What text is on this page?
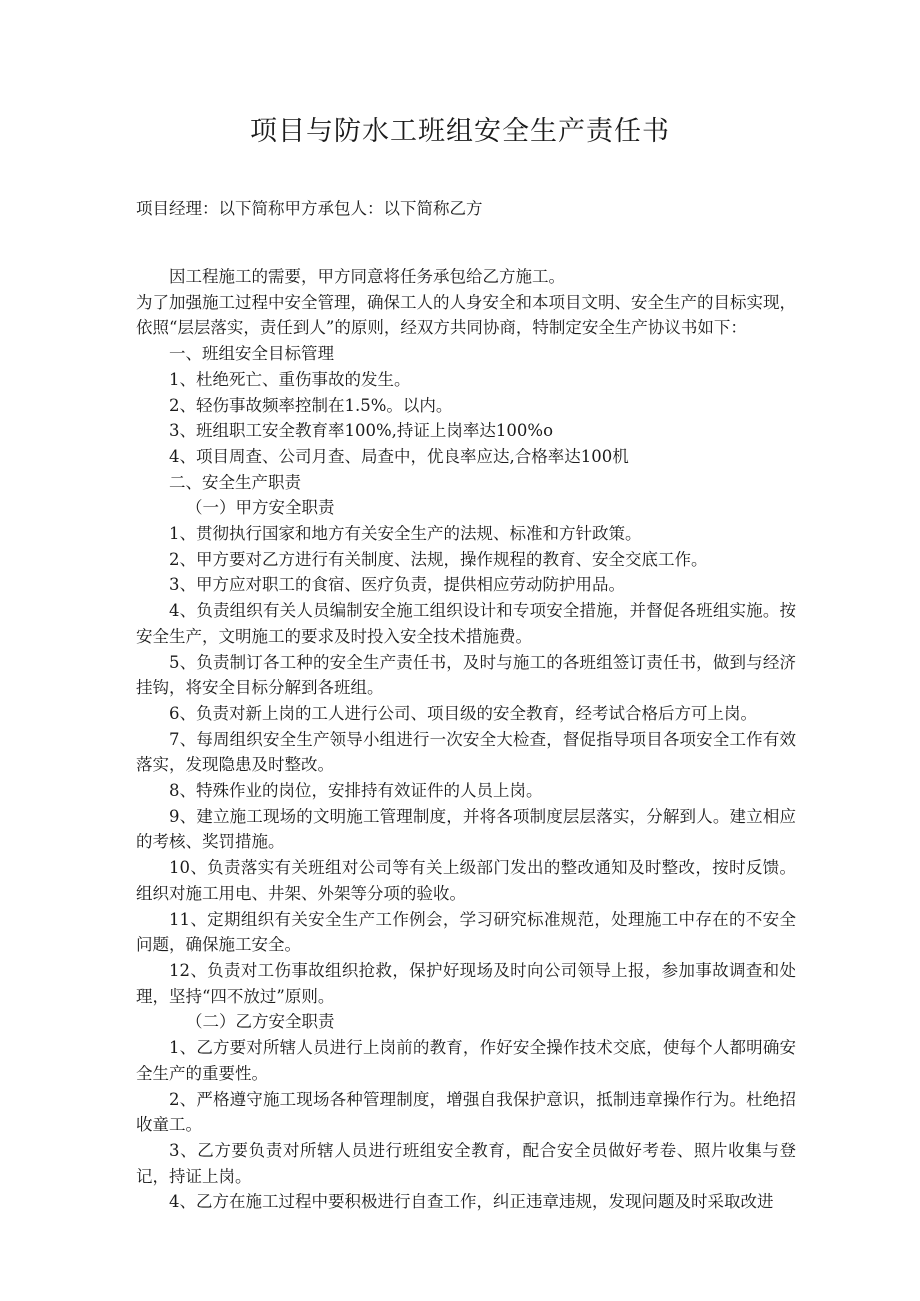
项目与防水工班组安全生产责任书
项目经理：以下简称甲方承包人：以下简称乙方

因工程施工的需要，甲方同意将任务承包给乙方施工。

为了加强施工过程中安全管理，确保工人的人身安全和本项目文明、安全生产的目标实现，依照“层层落实，责任到人”的原则，经双方共同协商，特制定安全生产协议书如下：

一、班组安全目标管理

1、杜绝死亡、重伤事故的发生。

2、轻伤事故频率控制在1.5%。以内。

3、班组职工安全教育率100%,持证上岗率达100%o

4、项目周查、公司月查、局查中，优良率应达,合格率达100机

二、安全生产职责

（一）甲方安全职责

1、贯彻执行国家和地方有关安全生产的法规、标准和方针政策。

2、甲方要对乙方进行有关制度、法规，操作规程的教育、安全交底工作。

3、甲方应对职工的食宿、医疗负责，提供相应劳动防护用品。

4、负责组织有关人员编制安全施工组织设计和专项安全措施，并督促各班组实施。按安全生产，文明施工的要求及时投入安全技术措施费。

5、负责制订各工种的安全生产责任书，及时与施工的各班组签订责任书，做到与经济挂钩，将安全目标分解到各班组。

6、负责对新上岗的工人进行公司、项目级的安全教育，经考试合格后方可上岗。

7、每周组织安全生产领导小组进行一次安全大检查，督促指导项目各项安全工作有效落实，发现隐患及时整改。

8、特殊作业的岗位，安排持有效证件的人员上岗。

9、建立施工现场的文明施工管理制度，并将各项制度层层落实，分解到人。建立相应的考核、奖罚措施。

10、负责落实有关班组对公司等有关上级部门发出的整改通知及时整改，按时反馈。组织对施工用电、井架、外架等分项的验收。

11、定期组织有关安全生产工作例会，学习研究标准规范，处理施工中存在的不安全问题，确保施工安全。

12、负责对工伤事故组织抢救，保护好现场及时向公司领导上报，参加事故调查和处理，坚持“四不放过”原则。

（二）乙方安全职责

1、乙方要对所辖人员进行上岗前的教育，作好安全操作技术交底，使每个人都明确安全生产的重要性。

2、严格遵守施工现场各种管理制度，增强自我保护意识，抵制违章操作行为。杜绝招收童工。

3、乙方要负责对所辖人员进行班组安全教育，配合安全员做好考卷、照片收集与登记，持证上岗。

4、乙方在施工过程中要积极进行自查工作，纠正违章违规，发现问题及时采取改进
